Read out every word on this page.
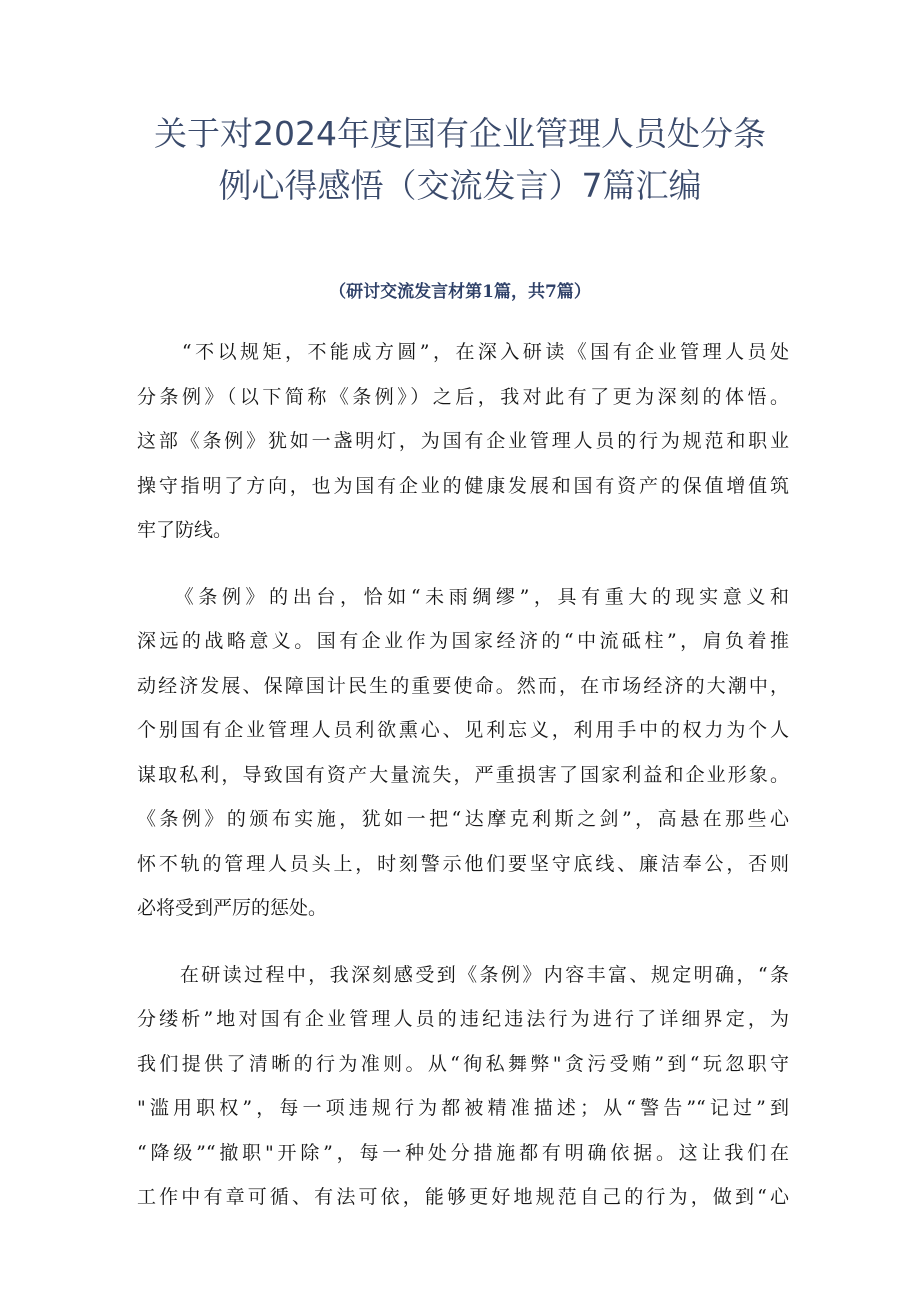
关于对2024年度国有企业管理人员处分条
例心得感悟（交流发言）7篇汇编
（研讨交流发言材第1篇，共7篇）
　　“不以规矩，不能成方圆”，在深入研读《国有企业管理人员处
分条例》（以下简称《条例》）之后，我对此有了更为深刻的体悟。
这部《条例》犹如一盏明灯，为国有企业管理人员的行为规范和职业
操守指明了方向，也为国有企业的健康发展和国有资产的保值增值筑
牢了防线。
　　《条例》的出台，恰如“未雨绸缪”，具有重大的现实意义和
深远的战略意义。国有企业作为国家经济的“中流砥柱”，肩负着推
动经济发展、保障国计民生的重要使命。然而，在市场经济的大潮中，
个别国有企业管理人员利欲熏心、见利忘义，利用手中的权力为个人
谋取私利，导致国有资产大量流失，严重损害了国家利益和企业形象。
《条例》的颁布实施，犹如一把“达摩克利斯之剑”，高悬在那些心
怀不轨的管理人员头上，时刻警示他们要坚守底线、廉洁奉公，否则
必将受到严厉的惩处。
　　在研读过程中，我深刻感受到《条例》内容丰富、规定明确，“条
分缕析”地对国有企业管理人员的违纪违法行为进行了详细界定，为
我们提供了清晰的行为准则。从“徇私舞弊"贪污受贿”到“玩忽职守
"滥用职权”，每一项违规行为都被精准描述；从“警告”“记过”到
“降级”“撤职"开除”，每一种处分措施都有明确依据。这让我们在
工作中有章可循、有法可依，能够更好地规范自己的行为，做到“心
